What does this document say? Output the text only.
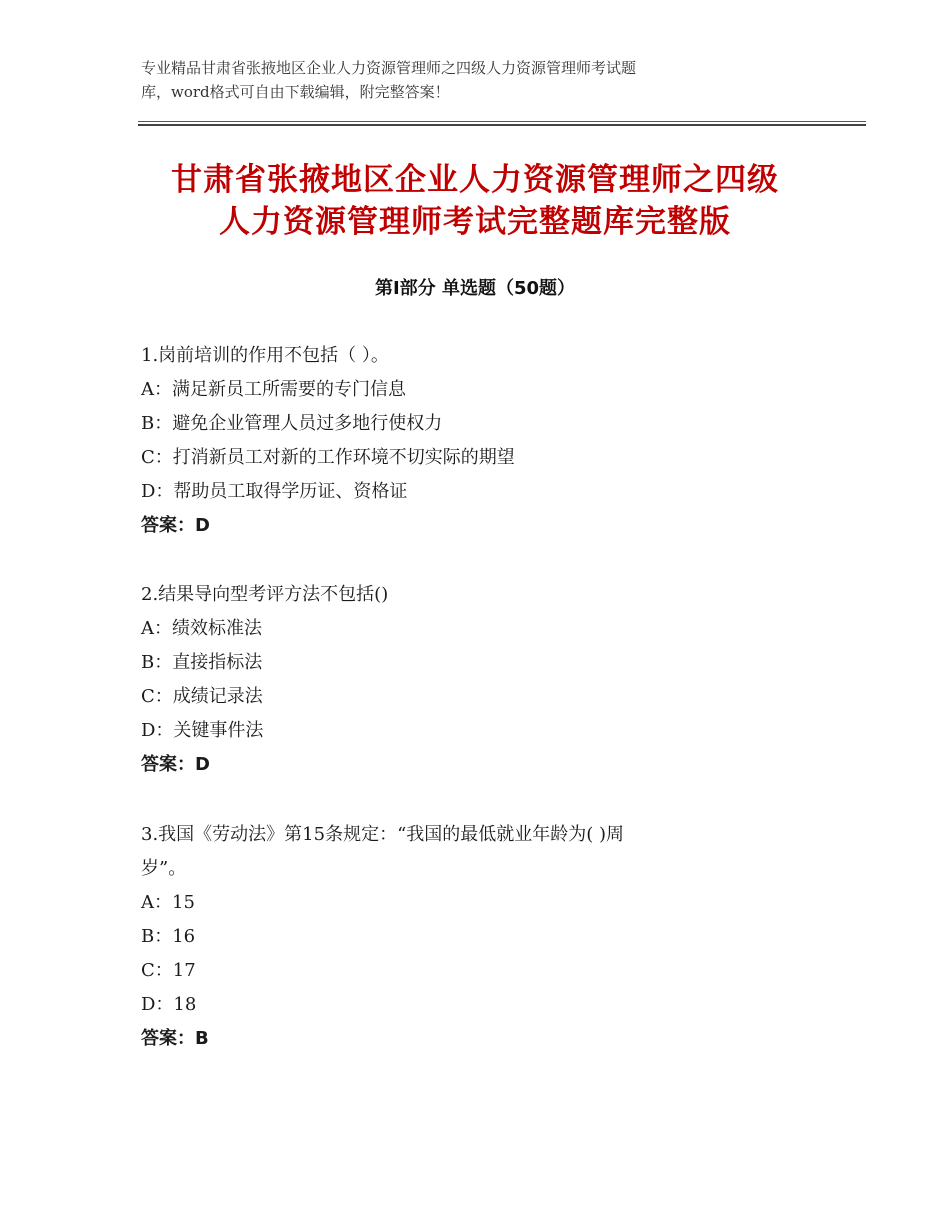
专业精品甘肃省张掖地区企业人力资源管理师之四级人力资源管理师考试题
库，word格式可自由下载编辑，附完整答案！
甘肃省张掖地区企业人力资源管理师之四级
人力资源管理师考试完整题库完整版
第Ⅰ部分 单选题（50题）
1.岗前培训的作用不包括（ ）。
A：满足新员工所需要的专门信息
B：避免企业管理人员过多地行使权力
C：打消新员工对新的工作环境不切实际的期望
D：帮助员工取得学历证、资格证
答案：D
2.结果导向型考评方法不包括()
A：绩效标准法
B：直接指标法
C：成绩记录法
D：关键事件法
答案：D
3.我国《劳动法》第15条规定：“我国的最低就业年龄为( )周
岁”。
A：15
B：16
C：17
D：18
答案：B
